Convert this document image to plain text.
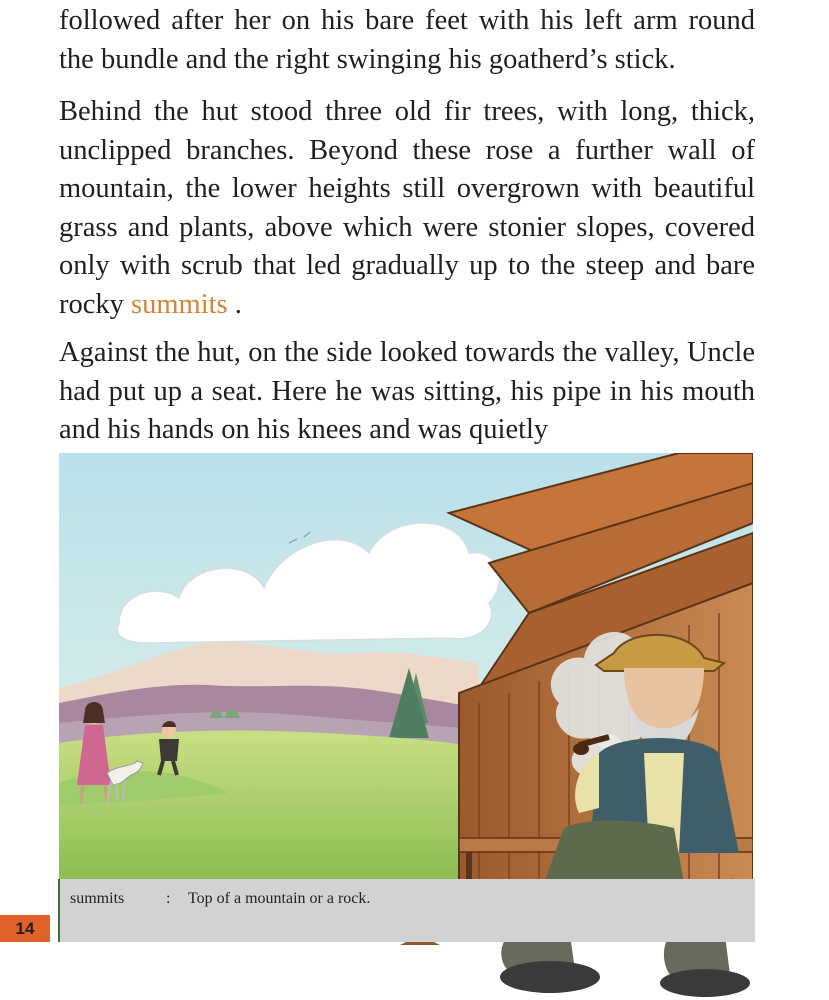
followed after her on his bare feet with his left arm round the bundle and the right swinging his goatherd’s stick.

Behind the hut stood three old fir trees, with long, thick, unclipped branches. Beyond these rose a further wall of mountain, the lower heights still overgrown with beautiful grass and plants, above which were stonier slopes, covered only with scrub that led gradually up to the steep and bare rocky summits .

Against the hut, on the side looked towards the valley, Uncle had put up a seat. Here he was sitting, his pipe in his mouth and his hands on his knees and was quietly

summits	: Top of a mountain or a rock.
14
